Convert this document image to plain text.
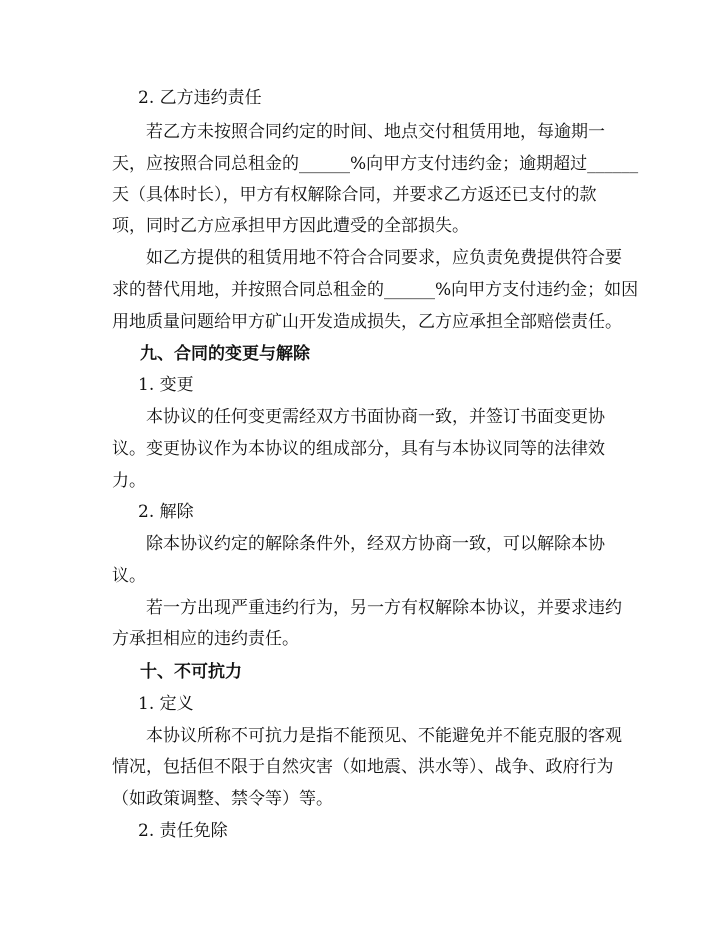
2. 乙方违约责任
若乙方未按照合同约定的时间、地点交付租赁用地，每逾期一
天，应按照合同总租金的______%向甲方支付违约金；逾期超过______
天（具体时长），甲方有权解除合同，并要求乙方返还已支付的款
项，同时乙方应承担甲方因此遭受的全部损失。
如乙方提供的租赁用地不符合合同要求，应负责免费提供符合要
求的替代用地，并按照合同总租金的______%向甲方支付违约金；如因
用地质量问题给甲方矿山开发造成损失，乙方应承担全部赔偿责任。
九、合同的变更与解除
1. 变更
本协议的任何变更需经双方书面协商一致，并签订书面变更协
议。变更协议作为本协议的组成部分，具有与本协议同等的法律效
力。
2. 解除
除本协议约定的解除条件外，经双方协商一致，可以解除本协
议。
若一方出现严重违约行为，另一方有权解除本协议，并要求违约
方承担相应的违约责任。
十、不可抗力
1. 定义
本协议所称不可抗力是指不能预见、不能避免并不能克服的客观
情况，包括但不限于自然灾害（如地震、洪水等）、战争、政府行为
（如政策调整、禁令等）等。
2. 责任免除
